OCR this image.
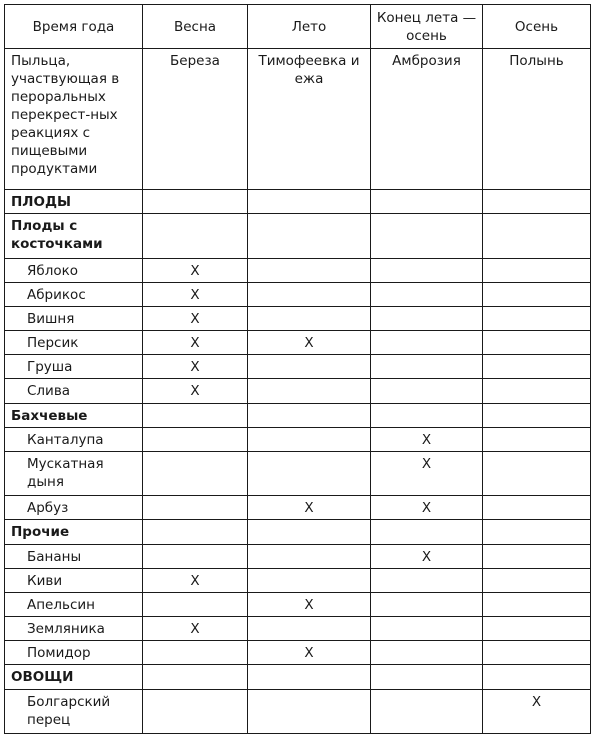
Время года	Весна	Лето	Конец лета — осень	Осень
Пыльца, участвующая в пероральных перекрест-ных реакциях с пищевыми продуктами	Береза	Тимофеевка и ежа	Амброзия	Полынь
ПЛОДЫ				
Плоды с косточками				
Яблоко	X			
Абрикос	X			
Вишня	X			
Персик	X	X		
Груша	X			
Слива	X			
Бахчевые				
Канталупа			X	
Мускатная дыня			X	
Арбуз		X	X	
Прочие				
Бананы			X	
Киви	X			
Апельсин		X		
Земляника	X			
Помидор		X		
ОВОЩИ				
Болгарский перец				X
